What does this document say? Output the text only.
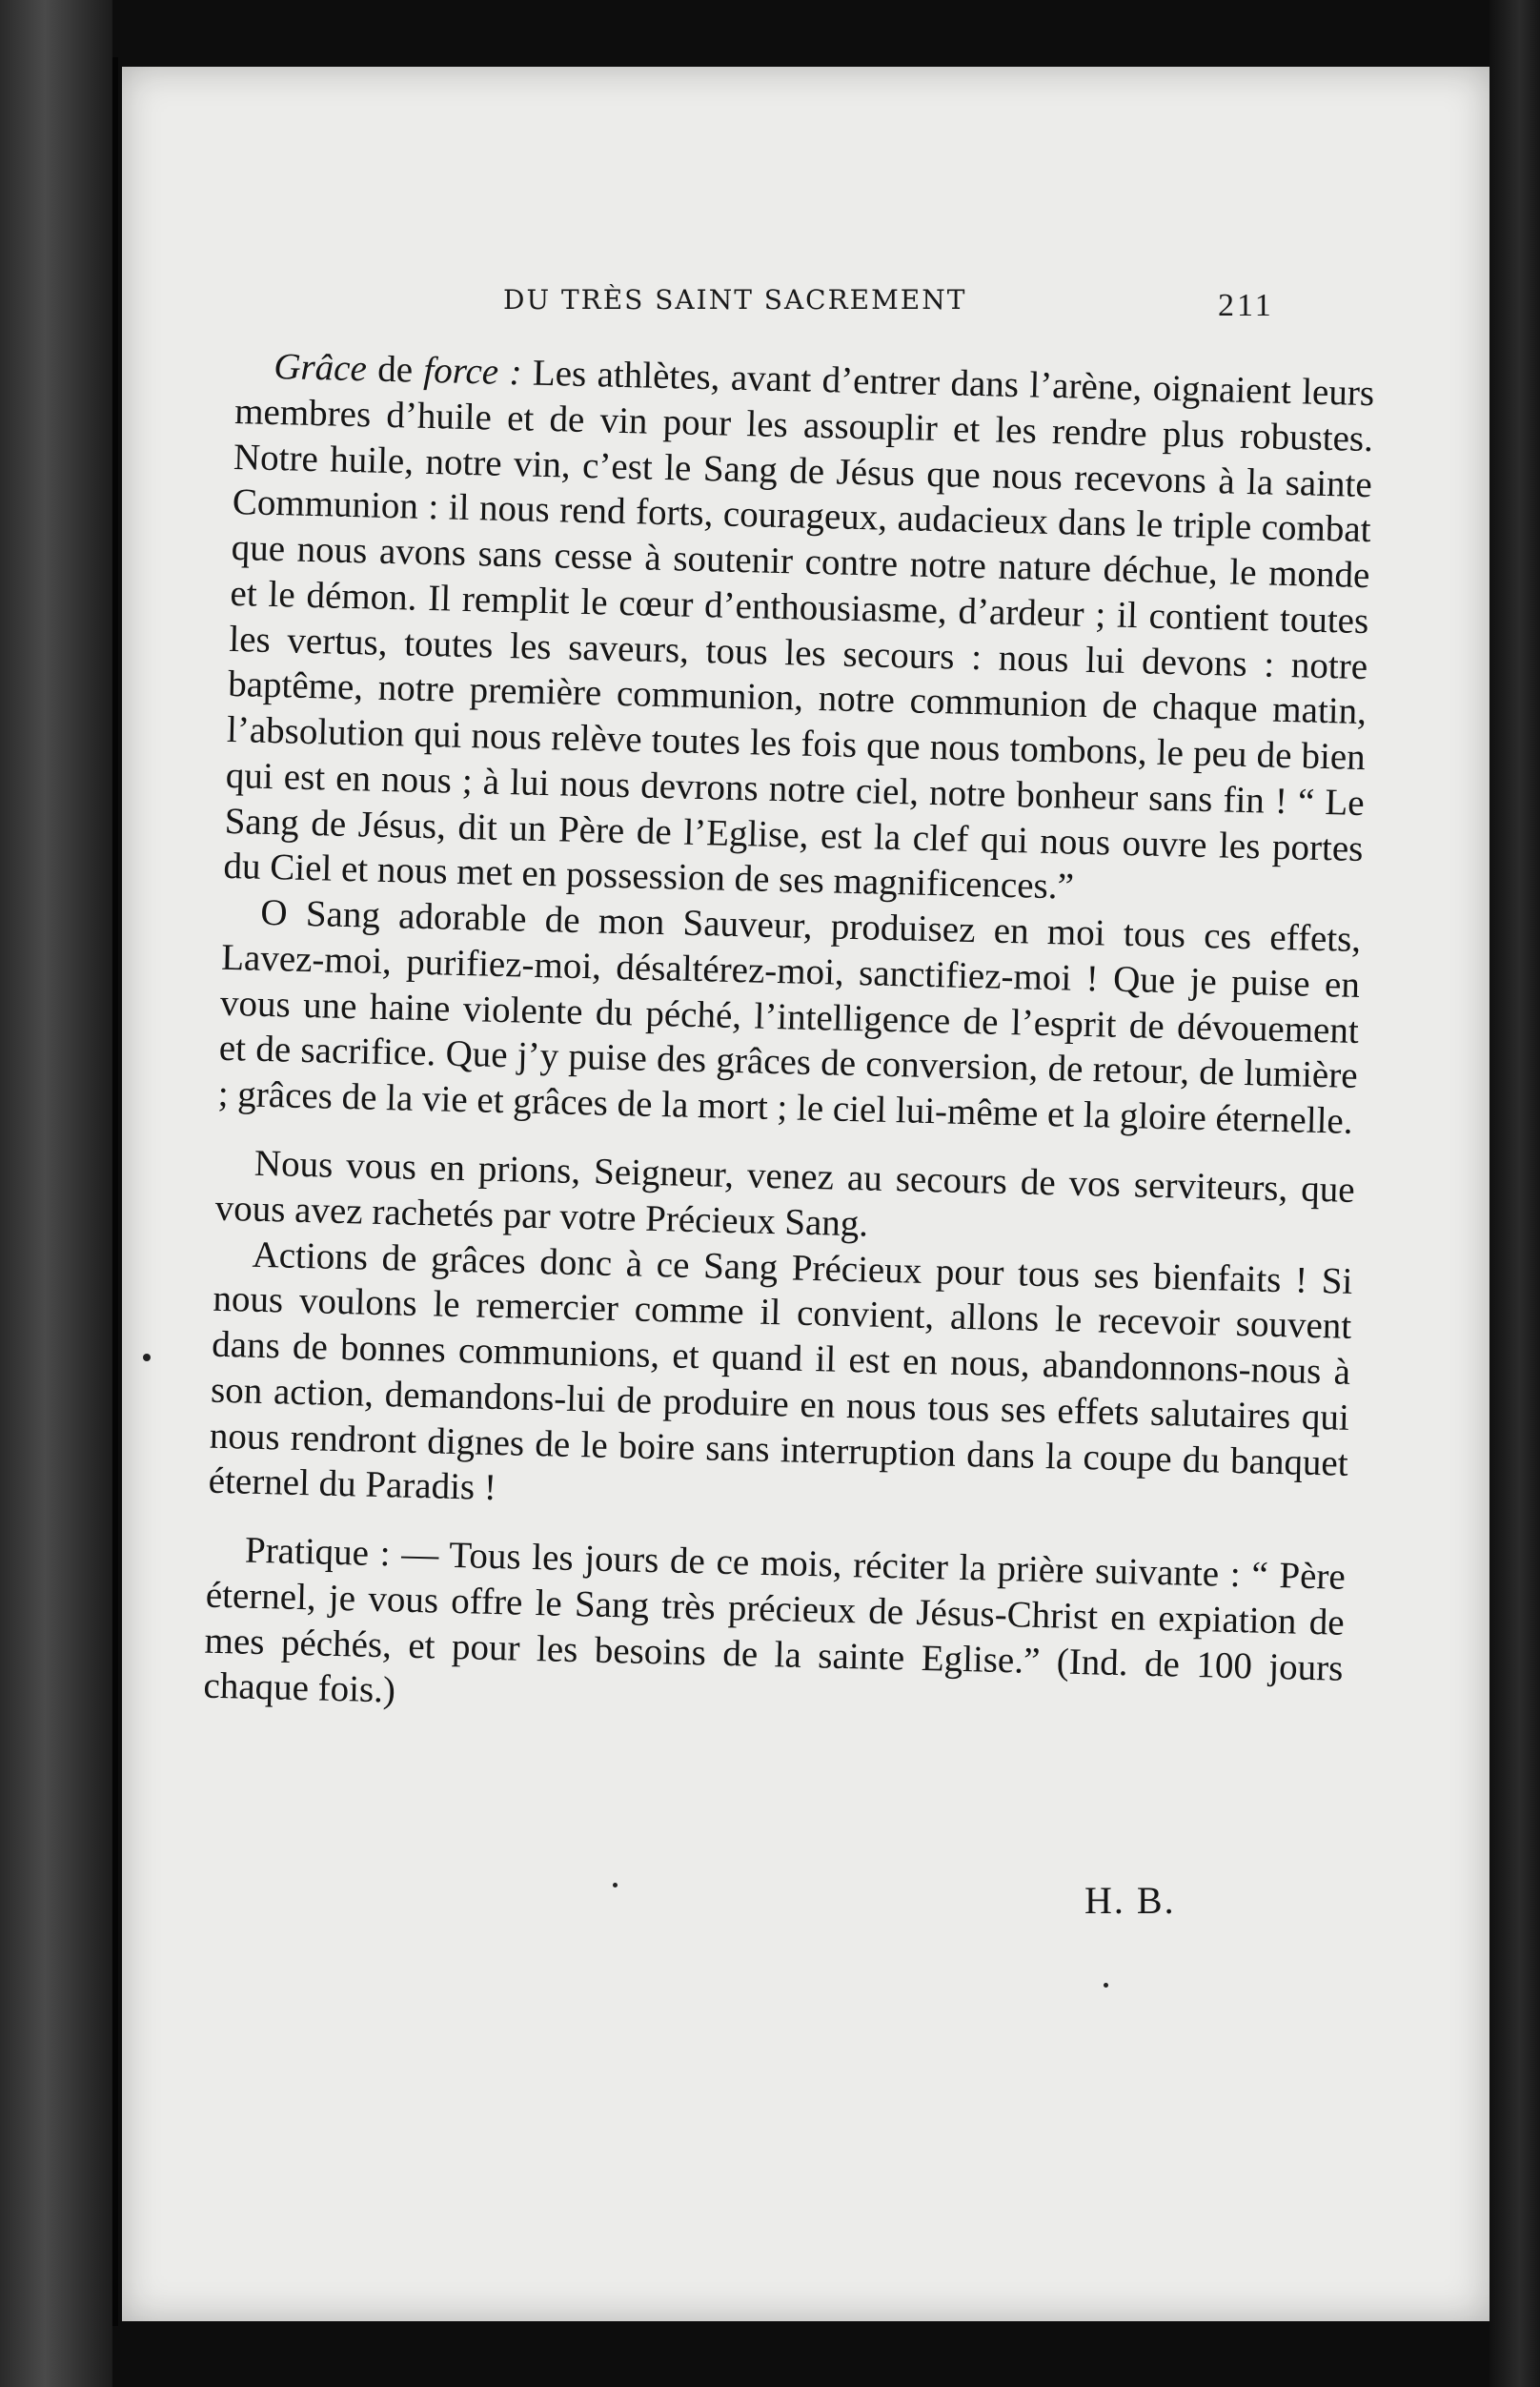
DU TRÈS SAINT SACREMENT	211

Grâce de force : Les athlètes, avant d’entrer dans l’arène, oignaient leurs membres d’huile et de vin pour les assouplir et les rendre plus robustes. Notre huile, notre vin, c’est le Sang de Jésus que nous recevons à la sainte Communion : il nous rend forts, courageux, audacieux dans le triple combat que nous avons sans cesse à soutenir contre notre nature déchue, le monde et le démon. Il remplit le cœur d’enthousiasme, d’ardeur ; il contient toutes les vertus, toutes les saveurs, tous les secours : nous lui devons : notre baptême, notre première communion, notre communion de chaque matin, l’absolution qui nous relève toutes les fois que nous tombons, le peu de bien qui est en nous ; à lui nous devrons notre ciel, notre bonheur sans fin ! “ Le Sang de Jésus, dit un Père de l’Eglise, est la clef qui nous ouvre les portes du Ciel et nous met en possession de ses magnificences.”

O Sang adorable de mon Sauveur, produisez en moi tous ces effets, Lavez-moi, purifiez-moi, désaltérez-moi, sanctifiez-moi ! Que je puise en vous une haine violente du péché, l’intelligence de l’esprit de dévouement et de sacrifice. Que j’y puise des grâces de conversion, de retour, de lumière ; grâces de la vie et grâces de la mort ; le ciel lui-même et la gloire éternelle.

Nous vous en prions, Seigneur, venez au secours de vos serviteurs, que vous avez rachetés par votre Précieux Sang.

Actions de grâces donc à ce Sang Précieux pour tous ses bienfaits ! Si nous voulons le remercier comme il convient, allons le recevoir souvent dans de bonnes communions, et quand il est en nous, abandonnons-nous à son action, demandons-lui de produire en nous tous ses effets salutaires qui nous rendront dignes de le boire sans interruption dans la coupe du banquet éternel du Paradis !

Pratique : — Tous les jours de ce mois, réciter la prière suivante : “ Père éternel, je vous offre le Sang très précieux de Jésus-Christ en expiation de mes péchés, et pour les besoins de la sainte Eglise.” (Ind. de 100 jours chaque fois.)

H. B.
